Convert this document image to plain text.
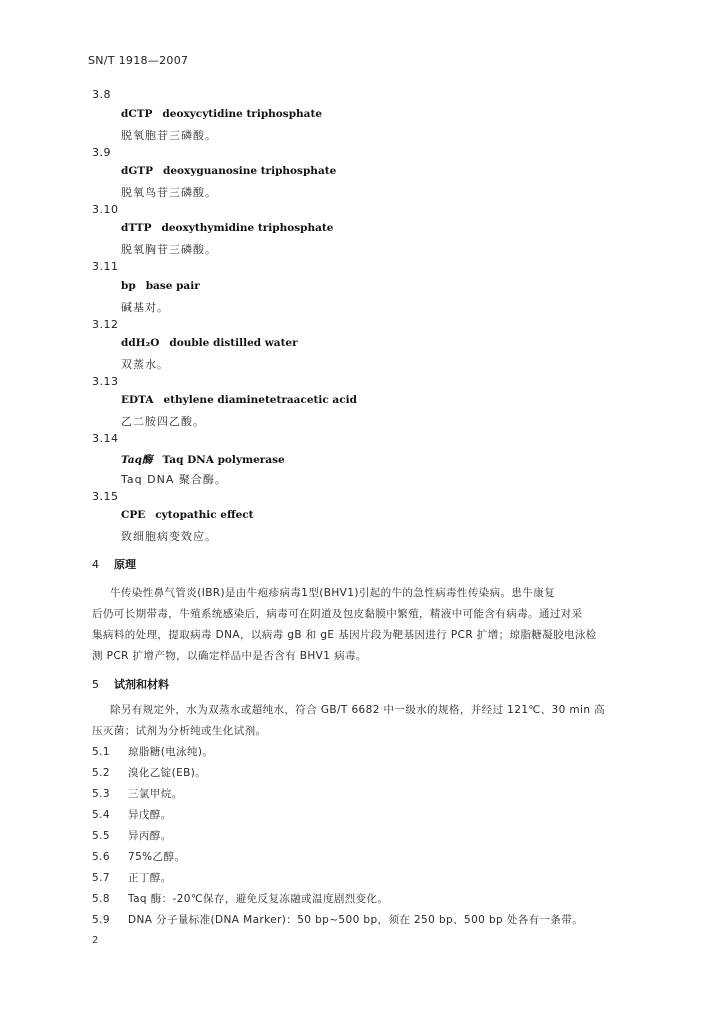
SN/T 1918—2007
3.8
dCTP deoxycytidine triphosphate
脱氧胞苷三磷酸。
3.9
dGTP deoxyguanosine triphosphate
脱氧鸟苷三磷酸。
3.10
dTTP deoxythymidine triphosphate
脱氧胸苷三磷酸。
3.11
bp base pair
碱基对。
3.12
ddH₂O double distilled water
双蒸水。
3.13
EDTA ethylene diaminetetraacetic acid
乙二胺四乙酸。
3.14
Taq酶 Taq DNA polymerase
Taq DNA 聚合酶。
3.15
CPE cytopathic effect
致细胞病变效应。
4 原理
牛传染性鼻气管炎(IBR)是由牛疱疹病毒1型(BHV1)引起的牛的急性病毒性传染病。患牛康复
后仍可长期带毒，牛殖系统感染后，病毒可在阴道及包皮黏膜中繁殖，精液中可能含有病毒。通过对采
集病料的处理，提取病毒 DNA，以病毒 gB 和 gE 基因片段为靶基因进行 PCR 扩增；琼脂糖凝胶电泳检
测 PCR 扩增产物，以确定样品中是否含有 BHV1 病毒。
5 试剂和材料
除另有规定外，水为双蒸水或超纯水，符合 GB/T 6682 中一级水的规格，并经过 121℃、30 min 高
压灭菌；试剂为分析纯或生化试剂。
5.1 琼脂糖(电泳纯)。
5.2 溴化乙锭(EB)。
5.3 三氯甲烷。
5.4 异戊醇。
5.5 异丙醇。
5.6 75%乙醇。
5.7 正丁醇。
5.8 Taq 酶：-20℃保存，避免反复冻融或温度剧烈变化。
5.9 DNA 分子量标准(DNA Marker)：50 bp~500 bp，须在 250 bp、500 bp 处各有一条带。
2
